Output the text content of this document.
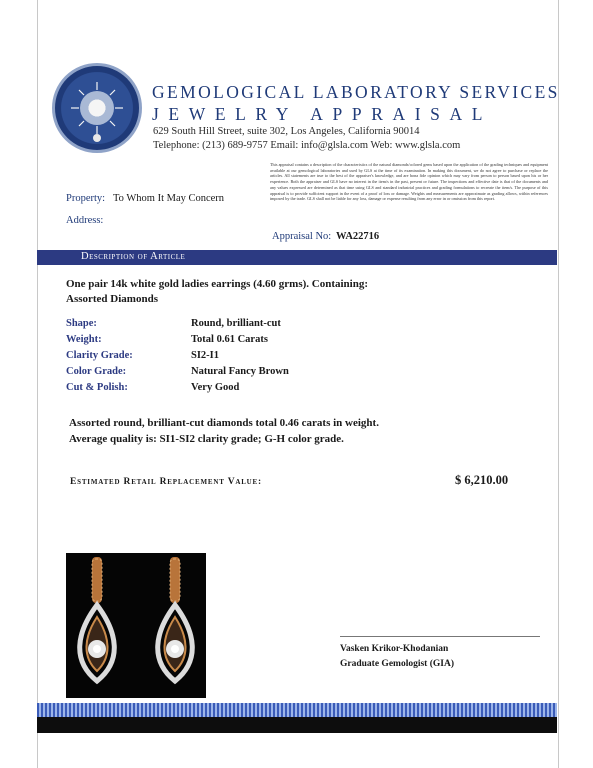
GEMOLOGICAL LABORATORY SERVICES
JEWELRY APPRAISAL
629 South Hill Street, suite 302, Los Angeles, California 90014
Telephone: (213) 689-9757 Email: info@glsla.com Web: www.glsla.com
This appraisal contains a description of the characteristics of the natural diamonds/colored gems based upon the application of the grading techniques and equipment available at our gemological laboratories and used by GLS at the time of its examination. In making this document, we do not agree to purchase or replace the articles. All statements are true to the best of the appraiser's knowledge, and are bona fide opinion which may vary from person to person based upon his or her experience. Both the appraiser and GLS have no interest in the item/s in the past, present or future. The inspections and effective date is that of the documents and any values expressed are determined as that time using GLS and standard industrial practices and grading formulations to recreate the item/s. The purpose of this appraisal is to provide sufficient support in the event of a proof of loss or damage. Weights and measurements are approximate as grading allows, within references imposed by the trade. GLS shall not be liable for any loss, damage or expense resulting from any error in or omission from this report.
Property: To Whom It May Concern
Address:
Appraisal No: WA22716
Description of Article
One pair 14k white gold ladies earrings (4.60 grms). Containing:
Assorted Diamonds
Shape:	Round, brilliant-cut
Weight:	Total 0.61 Carats
Clarity Grade:	SI2-I1
Color Grade:	Natural Fancy Brown
Cut & Polish:	Very Good
Assorted round, brilliant-cut diamonds total 0.46 carats in weight.
Average quality is: SI1-SI2 clarity grade; G-H color grade.
Estimated Retail Replacement Value:	$ 6,210.00
Vasken Krikor-Khodanian
Graduate Gemologist (GIA)
